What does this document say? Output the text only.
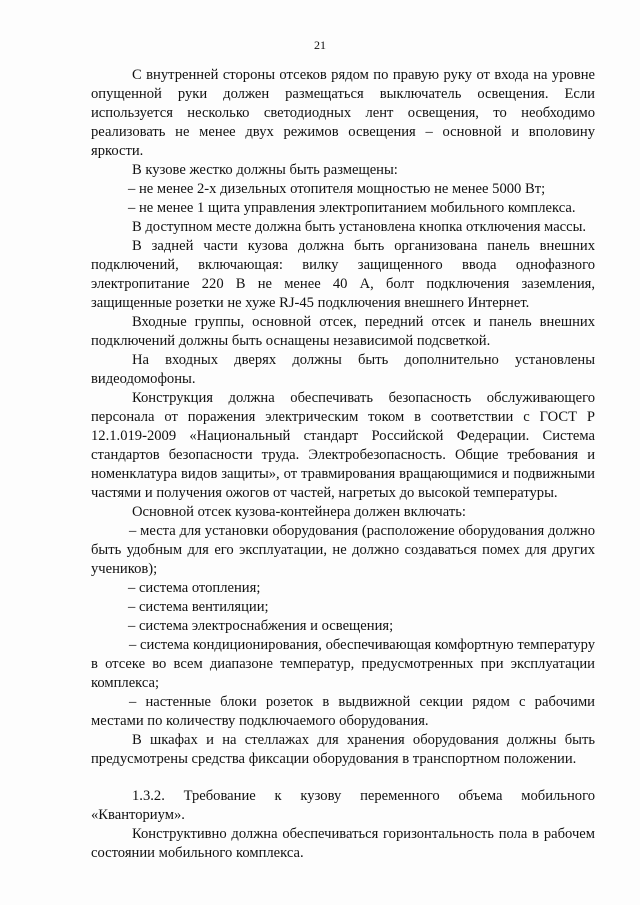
21

С внутренней стороны отсеков рядом по правую руку от входа на уровне опущенной руки должен размещаться выключатель освещения. Если используется несколько светодиодных лент освещения, то необходимо реализовать не менее двух режимов освещения – основной и вполовину яркости.

В кузове жестко должны быть размещены:

– не менее 2-х дизельных отопителя мощностью не менее 5000 Вт;

– не менее 1 щита управления электропитанием мобильного комплекса.

В доступном месте должна быть установлена кнопка отключения массы.

В задней части кузова должна быть организована панель внешних подключений, включающая: вилку защищенного ввода однофазного электропитание 220 В не менее 40 А, болт подключения заземления, защищенные розетки не хуже RJ-45 подключения внешнего Интернет.

Входные группы, основной отсек, передний отсек и панель внешних подключений должны быть оснащены независимой подсветкой.

На входных дверях должны быть дополнительно установлены видеодомофоны.

Конструкция должна обеспечивать безопасность обслуживающего персонала от поражения электрическим током в соответствии с ГОСТ Р 12.1.019-2009 «Национальный стандарт Российской Федерации. Система стандартов безопасности труда. Электробезопасность. Общие требования и номенклатура видов защиты», от травмирования вращающимися и подвижными частями и получения ожогов от частей, нагретых до высокой температуры.

Основной отсек кузова-контейнера должен включать:

– места для установки оборудования (расположение оборудования должно быть удобным для его эксплуатации, не должно создаваться помех для других учеников);

– система отопления;

– система вентиляции;

– система электроснабжения и освещения;

– система кондиционирования, обеспечивающая комфортную температуру в отсеке во всем диапазоне температур, предусмотренных при эксплуатации комплекса;

– настенные блоки розеток в выдвижной секции рядом с рабочими местами по количеству подключаемого оборудования.

В шкафах и на стеллажах для хранения оборудования должны быть предусмотрены средства фиксации оборудования в транспортном положении.

1.3.2. Требование к кузову переменного объема мобильного «Кванториум».

Конструктивно должна обеспечиваться горизонтальность пола в рабочем состоянии мобильного комплекса.
